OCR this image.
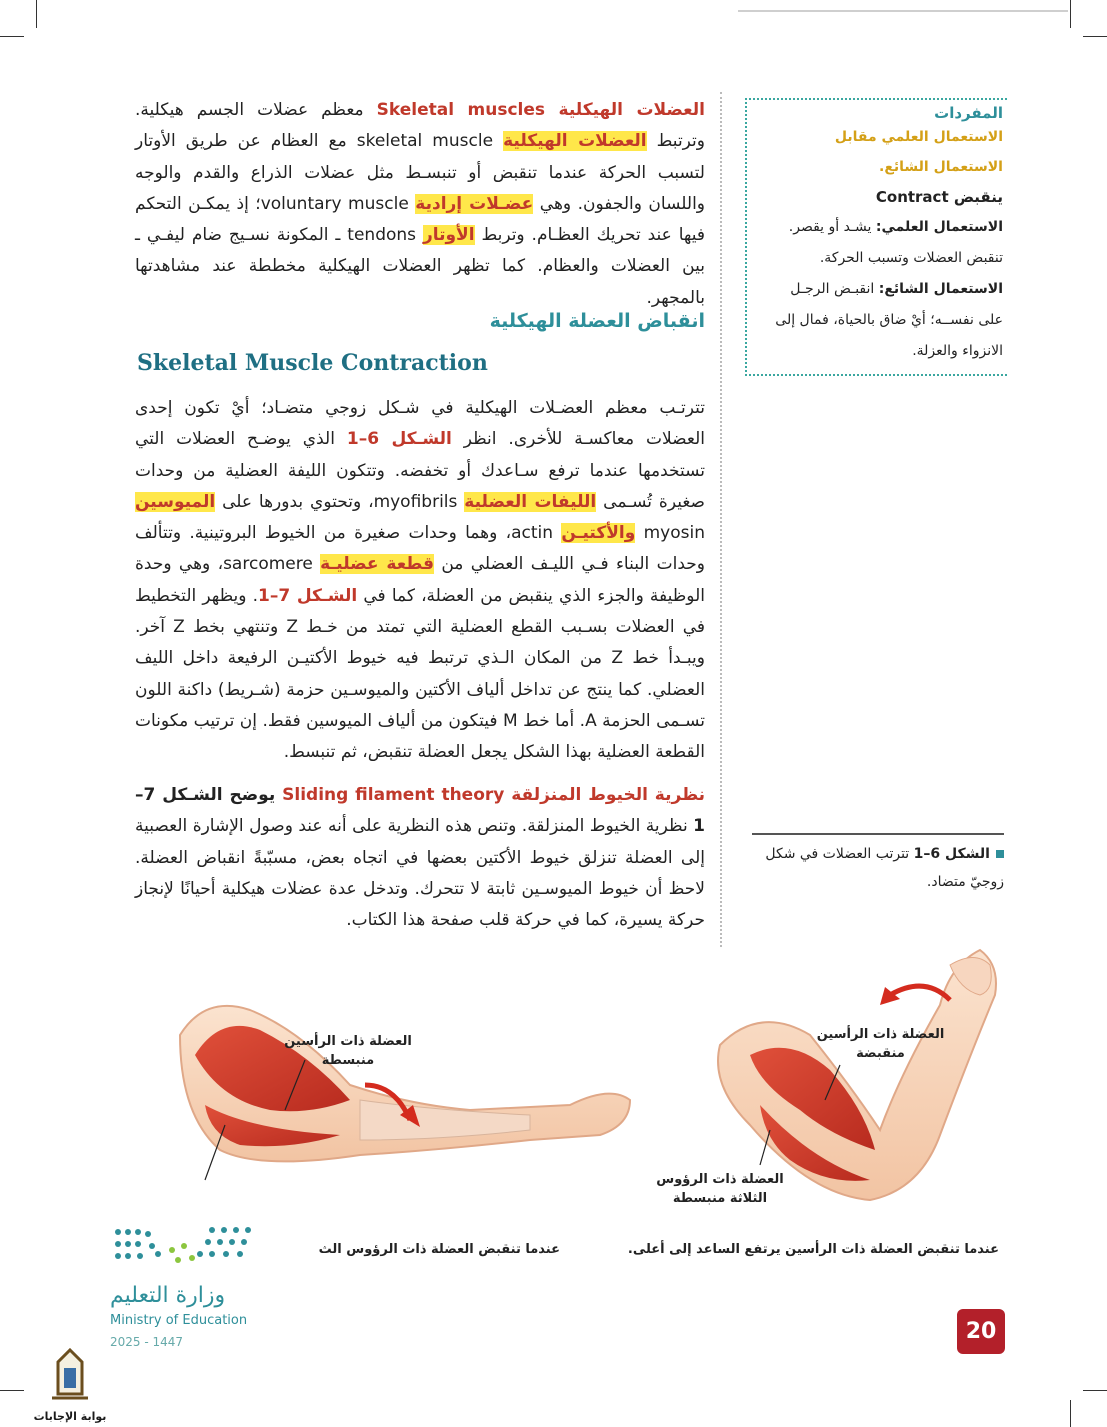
المفردات
الاستعمال العلمي مقابل
الاستعمال الشائع.
ينقبض Contract
الاستعمال العلمي: يشـد أو يقصر.
تنقبض العضلات وتسبب الحركة.
الاستعمال الشائع: انقبـض الرجـل
على نفســه؛ أيْ ضاق بالحياة، فمال إلى
الانزواء والعزلة.
العضلات الهيكلية Skeletal muscles معظم عضلات الجسم هيكلية. وترتبط العضلات الهيكلية skeletal muscle مع العظام عن طريق الأوتار لتسبب الحركة عندما تنقبض أو تنبسـط مثل عضلات الذراع والقدم والوجه واللسان والجفون. وهي عضـلات إرادية voluntary muscle؛ إذ يمكـن التحكم فيها عند تحريك العظـام. وتربط الأوتار tendons ـ المكونة نسـيج ضام ليفـي ـ بين العضلات والعظام. كما تظهر العضلات الهيكلية مخططة عند مشاهدتها بالمجهر.
انقباض العضلة الهيكلية
Skeletal Muscle Contraction
تترتـب معظم العضـلات الهيكلية في شـكل زوجي متضـاد؛ أيْ تكون إحدى العضلات معاكسـة للأخرى. انظر الشـكل 6–1 الذي يوضـح العضلات التي تستخدمها عندما ترفع سـاعدك أو تخفضه. وتتكون الليفة العضلية من وحدات صغيرة تُسـمى الليفات العضلية myofibrils، وتحتوي بدورها على الميوسين myosin والأكتيـن actin، وهما وحدات صغيرة من الخيوط البروتينية. وتتألف وحدات البناء فـي الليـف العضلي من قطعة عضليـة sarcomere، وهي وحدة الوظيفة والجزء الذي ينقبض من العضلة، كما في الشـكل 7–1. ويظهر التخطيط في العضلات بسـبب القطع العضلية التي تمتد من خـط Z وتنتهي بخط Z آخر. ويبـدأ خط Z من المكان الـذي ترتبط فيه خيوط الأكتيـن الرفيعة داخل الليف العضلي. كما ينتج عن تداخل ألياف الأكتين والميوسـين حزمة (شـريط) داكنة اللون تسـمى الحزمة A. أما خط M فيتكون من ألياف الميوسين فقط. إن ترتيب مكونات القطعة العضلية بهذا الشكل يجعل العضلة تنقبض، ثم تنبسط.
نظرية الخيوط المنزلقة Sliding filament theory يوضح الشـكل 7–1 نظرية الخيوط المنزلقة. وتنص هذه النظرية على أنه عند وصول الإشارة العصبية إلى العضلة تنزلق خيوط الأكتين بعضها في اتجاه بعض، مسبّبةً انقباض العضلة. لاحظ أن خيوط الميوسـين ثابتة لا تتحرك. وتدخل عدة عضلات هيكلية أحيانًا لإنجاز حركة يسيرة، كما في حركة قلب صفحة هذا الكتاب.
الشكل 6–1 تترتب العضلات في شكل زوجيّ متضاد.
العضلة ذات الرأسين منبسطة
العضلة ذات الرأسين منقبضة
العضلة ذات الرؤوس الثلاثة منبسطة
عندما تنقبض العضلة ذات الرأسين يرتفع الساعد إلى أعلى.
عندما تنقبض العضلة ذات الرؤوس الث
وزارة التعليم
Ministry of Education
2025 - 1447	20
بوابة الإجابات
